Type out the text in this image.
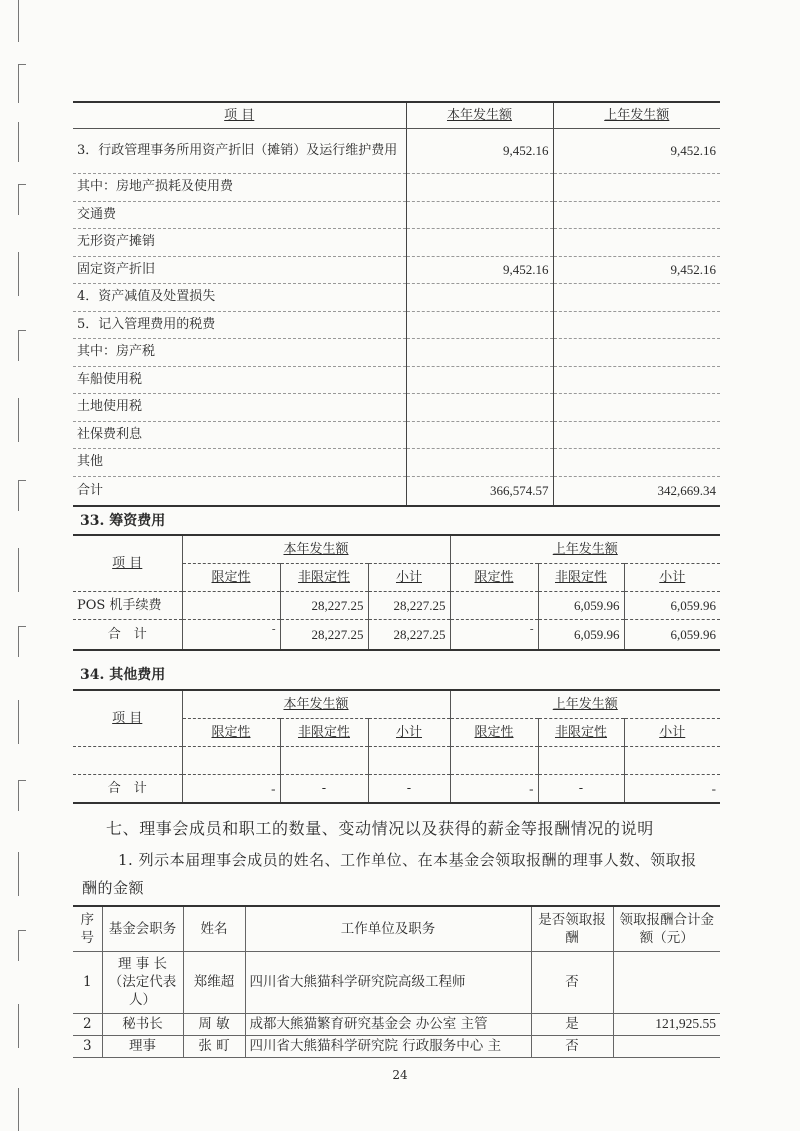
项 目	本年发生额	上年发生额
3．行政管理事务所用资产折旧（摊销）及运行维护费用	9,452.16	9,452.16
其中：房地产损耗及使用费		
交通费		
无形资产摊销		
固定资产折旧	9,452.16	9,452.16
4．资产减值及处置损失		
5．记入管理费用的税费		
其中：房产税		
车船使用税		
土地使用税		
社保费利息		
其他		
合计	366,574.57	342,669.34
33. 筹资费用
项 目	本年发生额			上年发生额		
	限定性	非限定性	小计	限定性	非限定性	小计
POS 机手续费		28,227.25	28,227.25		6,059.96	6,059.96
合　计	-	28,227.25	28,227.25	-	6,059.96	6,059.96
34. 其他费用
项 目	本年发生额			上年发生额		
	限定性	非限定性	小计	限定性	非限定性	小计

合　计	-	-	-	-	-	-
七、理事会成员和职工的数量、变动情况以及获得的薪金等报酬情况的说明
1. 列示本届理事会成员的姓名、工作单位、在本基金会领取报酬的理事人数、领取报
酬的金额
序号	基金会职务	姓名	工作单位及职务	是否领取报酬	领取报酬合计金额（元）
1	理 事 长（法定代表人）	郑维超	四川省大熊猫科学研究院高级工程师	否	
2	秘书长	周 敏	成都大熊猫繁育研究基金会 办公室 主管	是	121,925.55
3	理事	张 町	四川省大熊猫科学研究院 行政服务中心 主	否	
24
